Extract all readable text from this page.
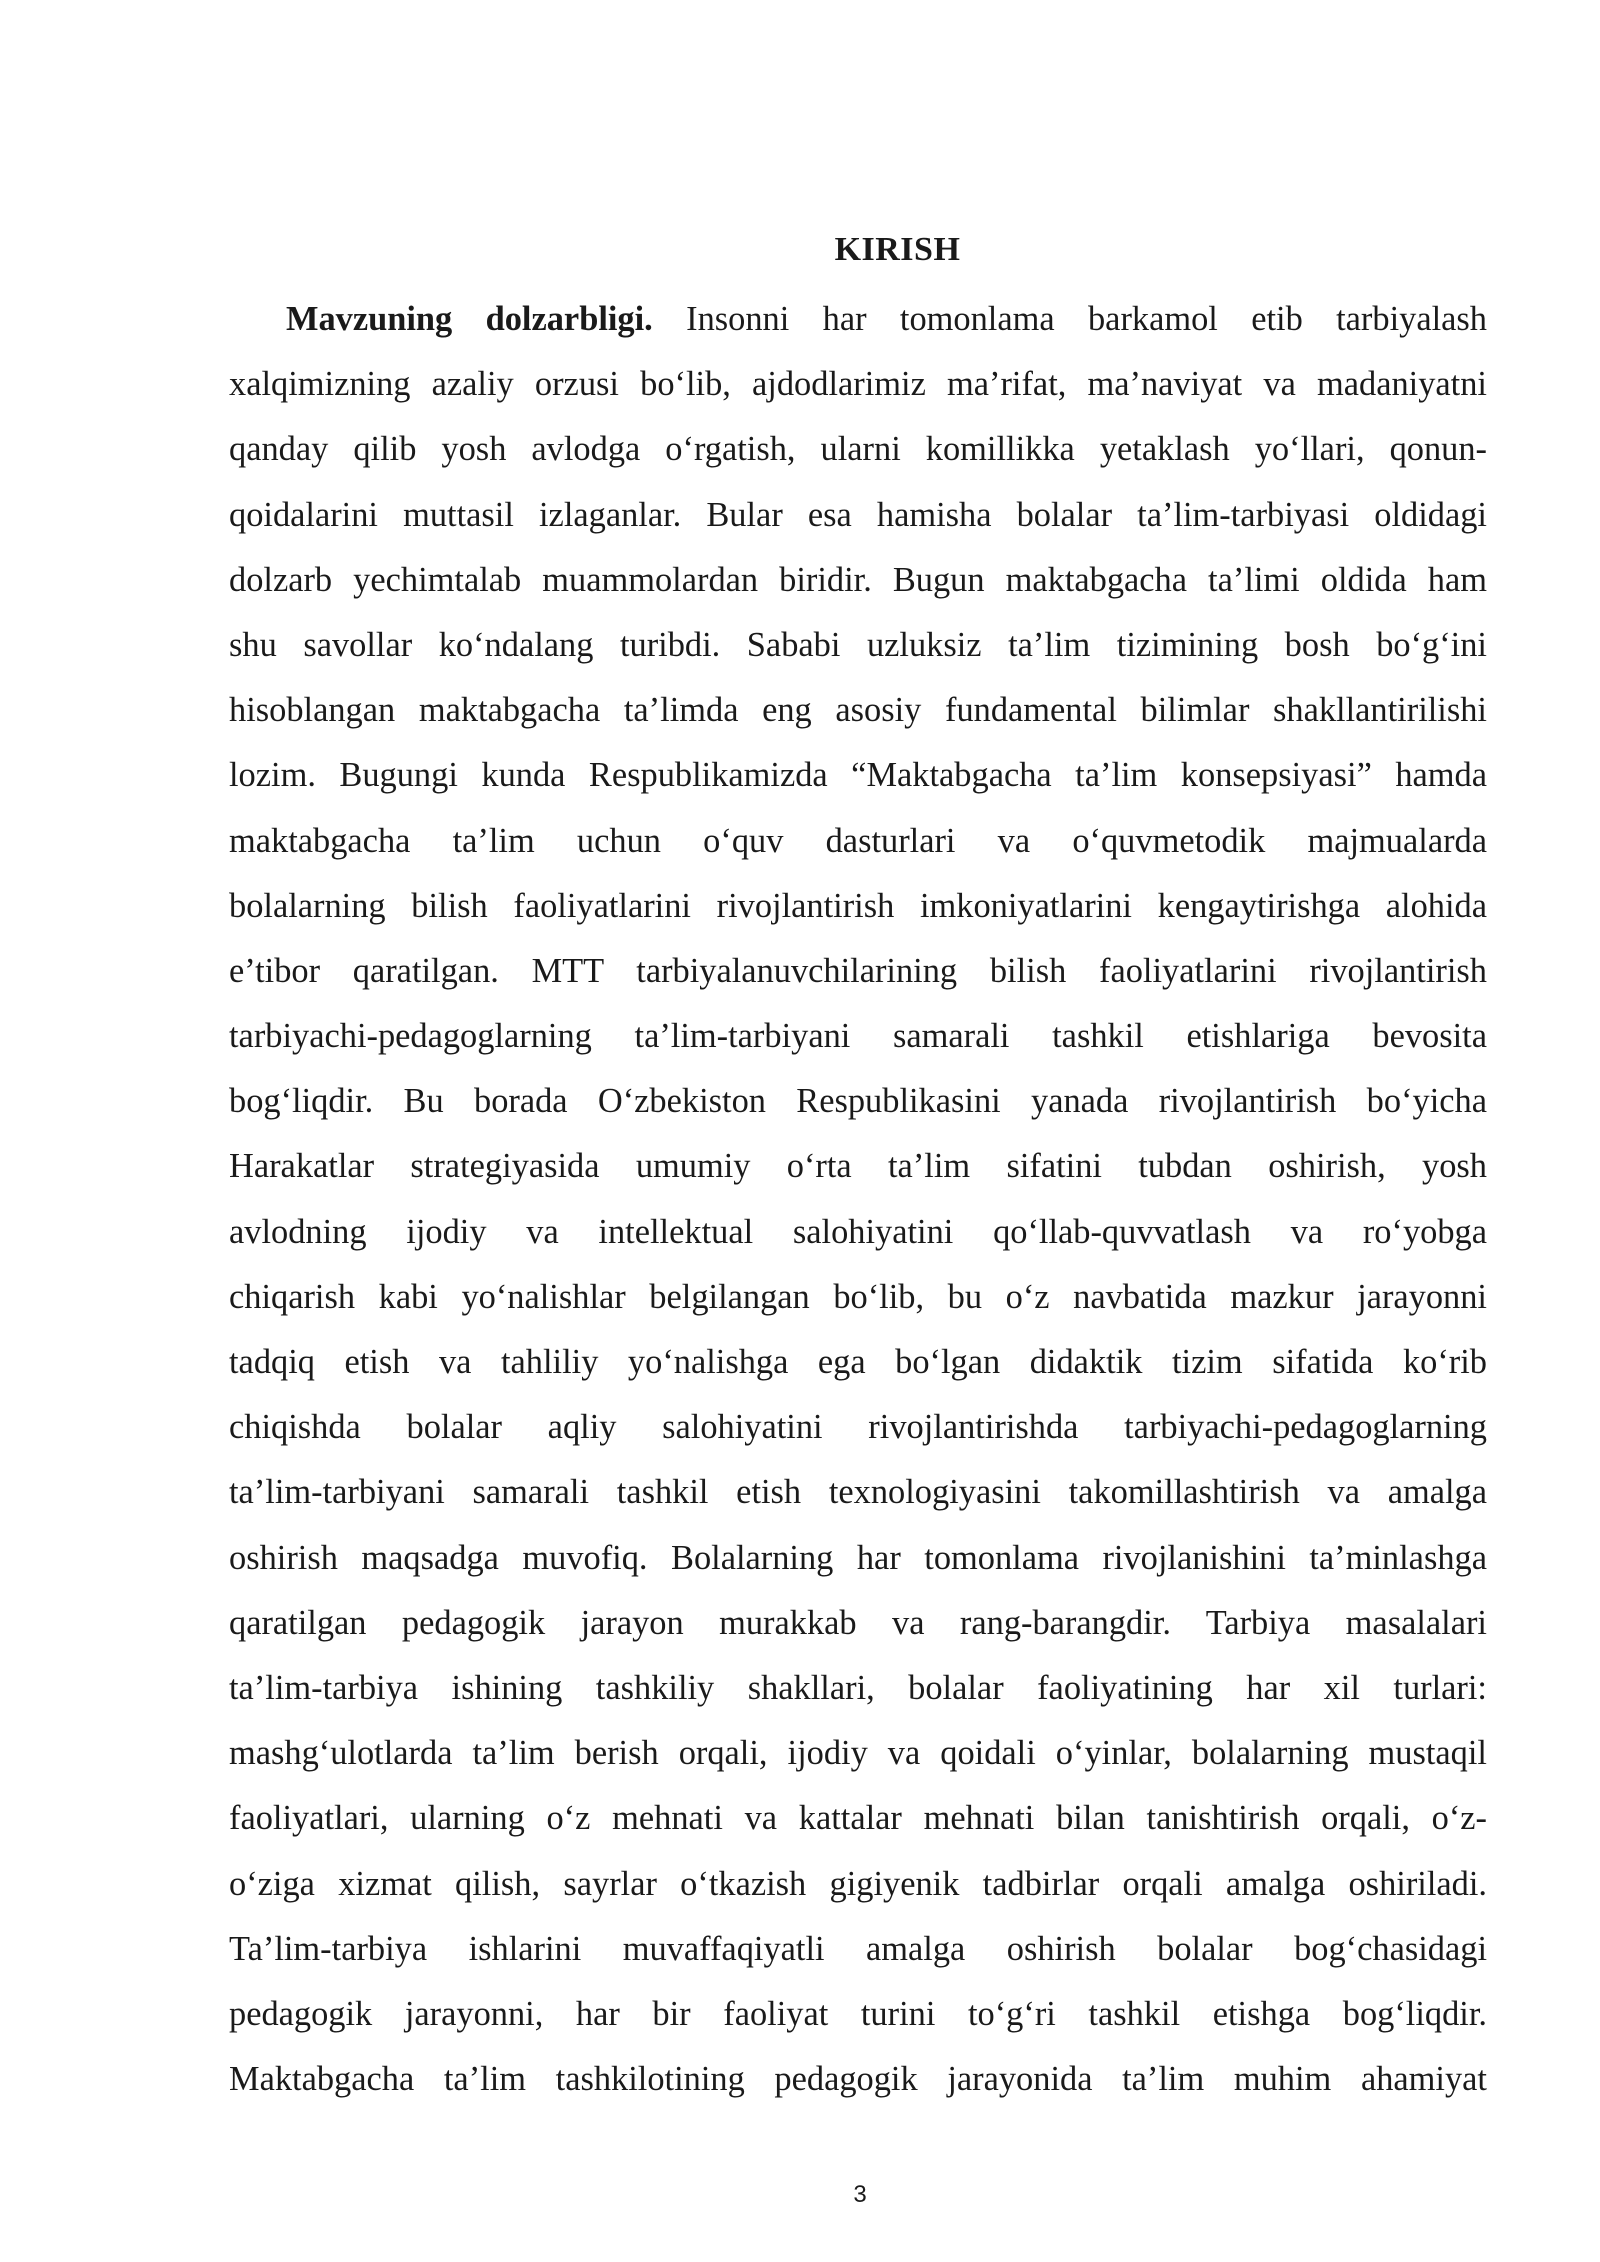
KIRISH
Mavzuning dolzarbligi. Insonni har tomonlama barkamol etib tarbiyalash
xalqimizning azaliy orzusi bo‘lib, ajdodlarimiz ma’rifat, ma’naviyat va madaniyatni
qanday qilib yosh avlodga o‘rgatish, ularni komillikka yetaklash yo‘llari, qonun-
qoidalarini muttasil izlaganlar. Bular esa hamisha bolalar ta’lim-tarbiyasi oldidagi
dolzarb yechimtalab muammolardan biridir. Bugun maktabgacha ta’limi oldida ham
shu savollar ko‘ndalang turibdi. Sababi uzluksiz ta’lim tizimining bosh bo‘g‘ini
hisoblangan maktabgacha ta’limda eng asosiy fundamental bilimlar shakllantirilishi
lozim. Bugungi kunda Respublikamizda “Maktabgacha ta’lim konsepsiyasi” hamda
maktabgacha ta’lim uchun o‘quv dasturlari va o‘quvmetodik majmualarda
bolalarning bilish faoliyatlarini rivojlantirish imkoniyatlarini kengaytirishga alohida
e’tibor qaratilgan. MTT tarbiyalanuvchilarining bilish faoliyatlarini rivojlantirish
tarbiyachi-pedagoglarning ta’lim-tarbiyani samarali tashkil etishlariga bevosita
bog‘liqdir. Bu borada O‘zbekiston Respublikasini yanada rivojlantirish bo‘yicha
Harakatlar strategiyasida umumiy o‘rta ta’lim sifatini tubdan oshirish, yosh
avlodning ijodiy va intellektual salohiyatini qo‘llab-quvvatlash va ro‘yobga
chiqarish kabi yo‘nalishlar belgilangan bo‘lib, bu o‘z navbatida mazkur jarayonni
tadqiq etish va tahliliy yo‘nalishga ega bo‘lgan didaktik tizim sifatida ko‘rib
chiqishda bolalar aqliy salohiyatini rivojlantirishda tarbiyachi-pedagoglarning
ta’lim-tarbiyani samarali tashkil etish texnologiyasini takomillashtirish va amalga
oshirish maqsadga muvofiq. Bolalarning har tomonlama rivojlanishini ta’minlashga
qaratilgan pedagogik jarayon murakkab va rang-barangdir. Tarbiya masalalari
ta’lim-tarbiya ishining tashkiliy shakllari, bolalar faoliyatining har xil turlari:
mashg‘ulotlarda ta’lim berish orqali, ijodiy va qoidali o‘yinlar, bolalarning mustaqil
faoliyatlari, ularning o‘z mehnati va kattalar mehnati bilan tanishtirish orqali, o‘z-
o‘ziga xizmat qilish, sayrlar o‘tkazish gigiyenik tadbirlar orqali amalga oshiriladi.
Ta’lim-tarbiya ishlarini muvaffaqiyatli amalga oshirish bolalar bog‘chasidagi
pedagogik jarayonni, har bir faoliyat turini to‘g‘ri tashkil etishga bog‘liqdir.
Maktabgacha ta’lim tashkilotining pedagogik jarayonida ta’lim muhim ahamiyat
3
